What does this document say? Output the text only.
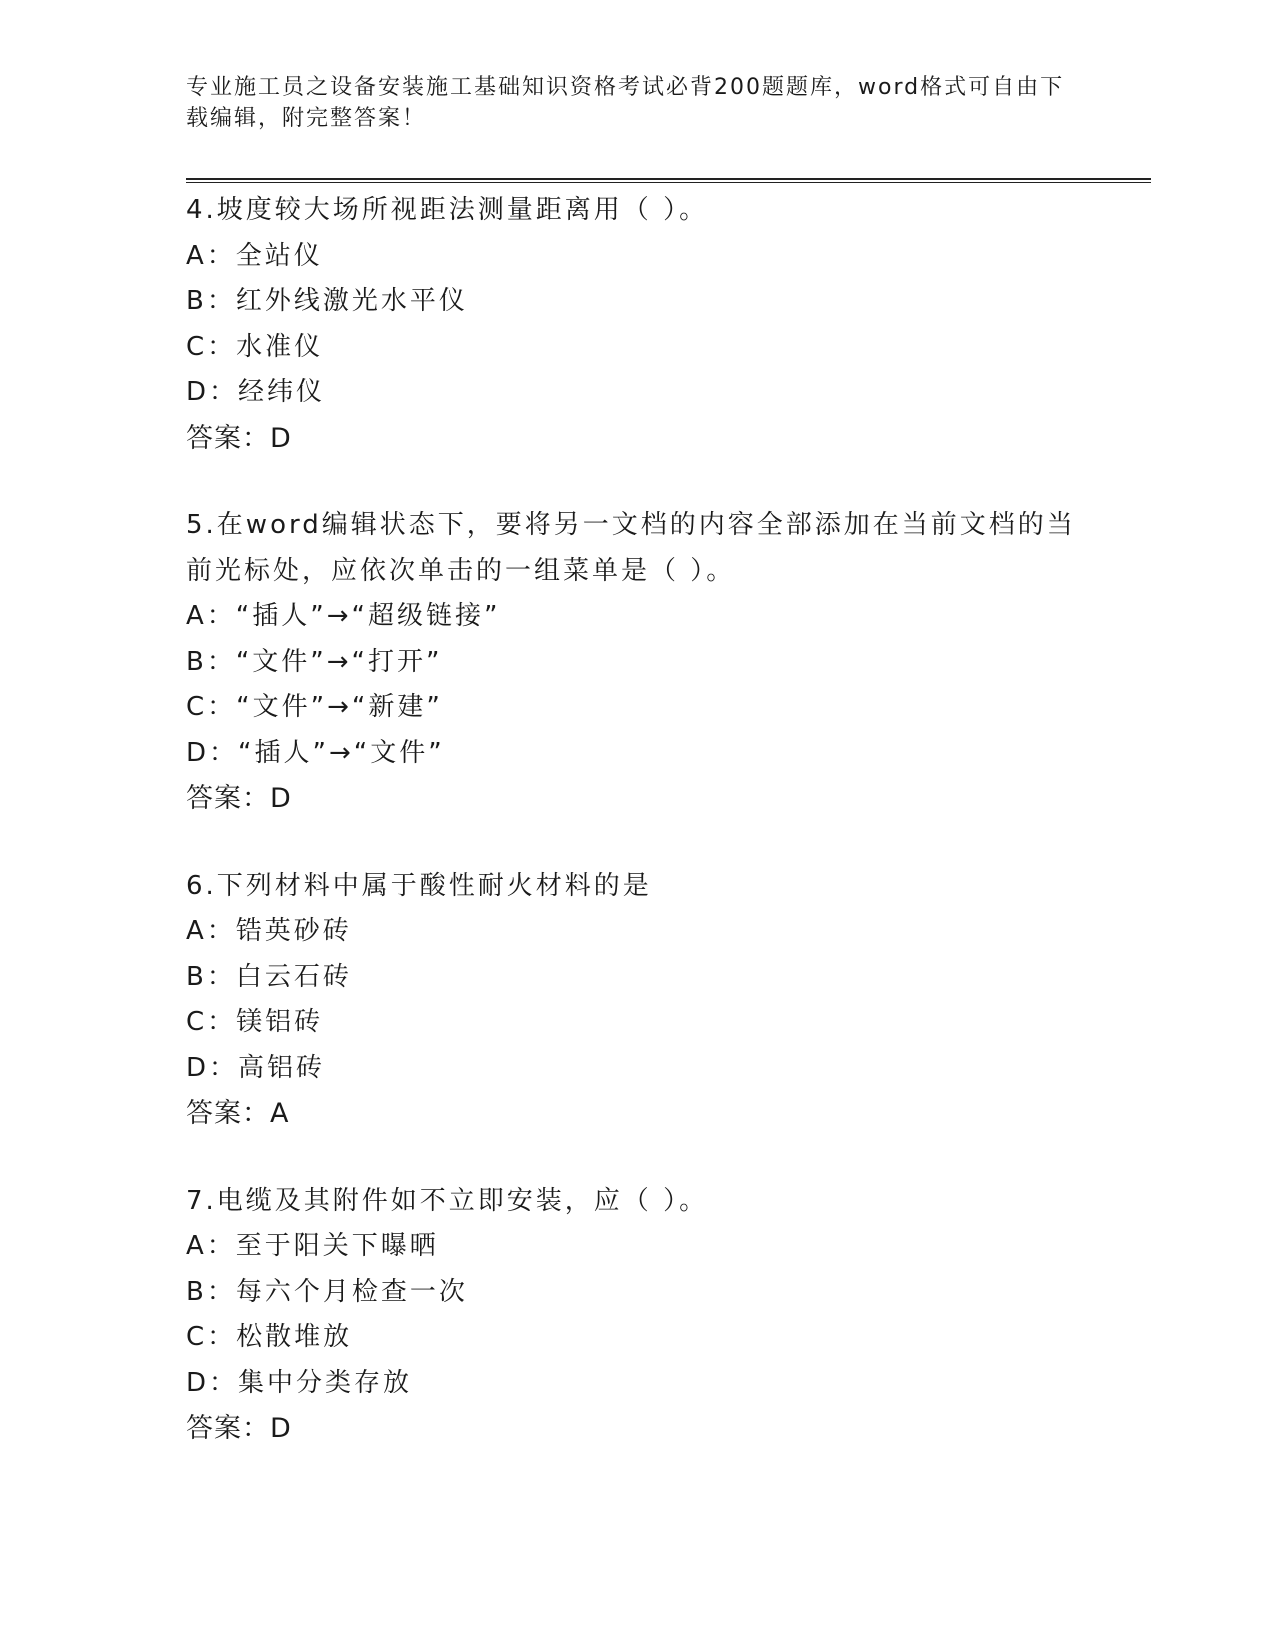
专业施工员之设备安装施工基础知识资格考试必背200题题库，word格式可自由下载编辑，附完整答案！

4.坡度较大场所视距法测量距离用（ ）。

A：全站仪

B：红外线激光水平仪

C：水准仪

D：经纬仪

答案：D

5.在word编辑状态下，要将另一文档的内容全部添加在当前文档的当前光标处，应依次单击的一组菜单是（ ）。

A：“插人”→“超级链接”

B：“文件”→“打开”

C：“文件”→“新建”

D：“插人”→“文件”

答案：D

6.下列材料中属于酸性耐火材料的是

A：锆英砂砖

B：白云石砖

C：镁铝砖

D：高铝砖

答案：A

7.电缆及其附件如不立即安装，应（ ）。

A：至于阳关下曝晒

B：每六个月检查一次

C：松散堆放

D：集中分类存放

答案：D
